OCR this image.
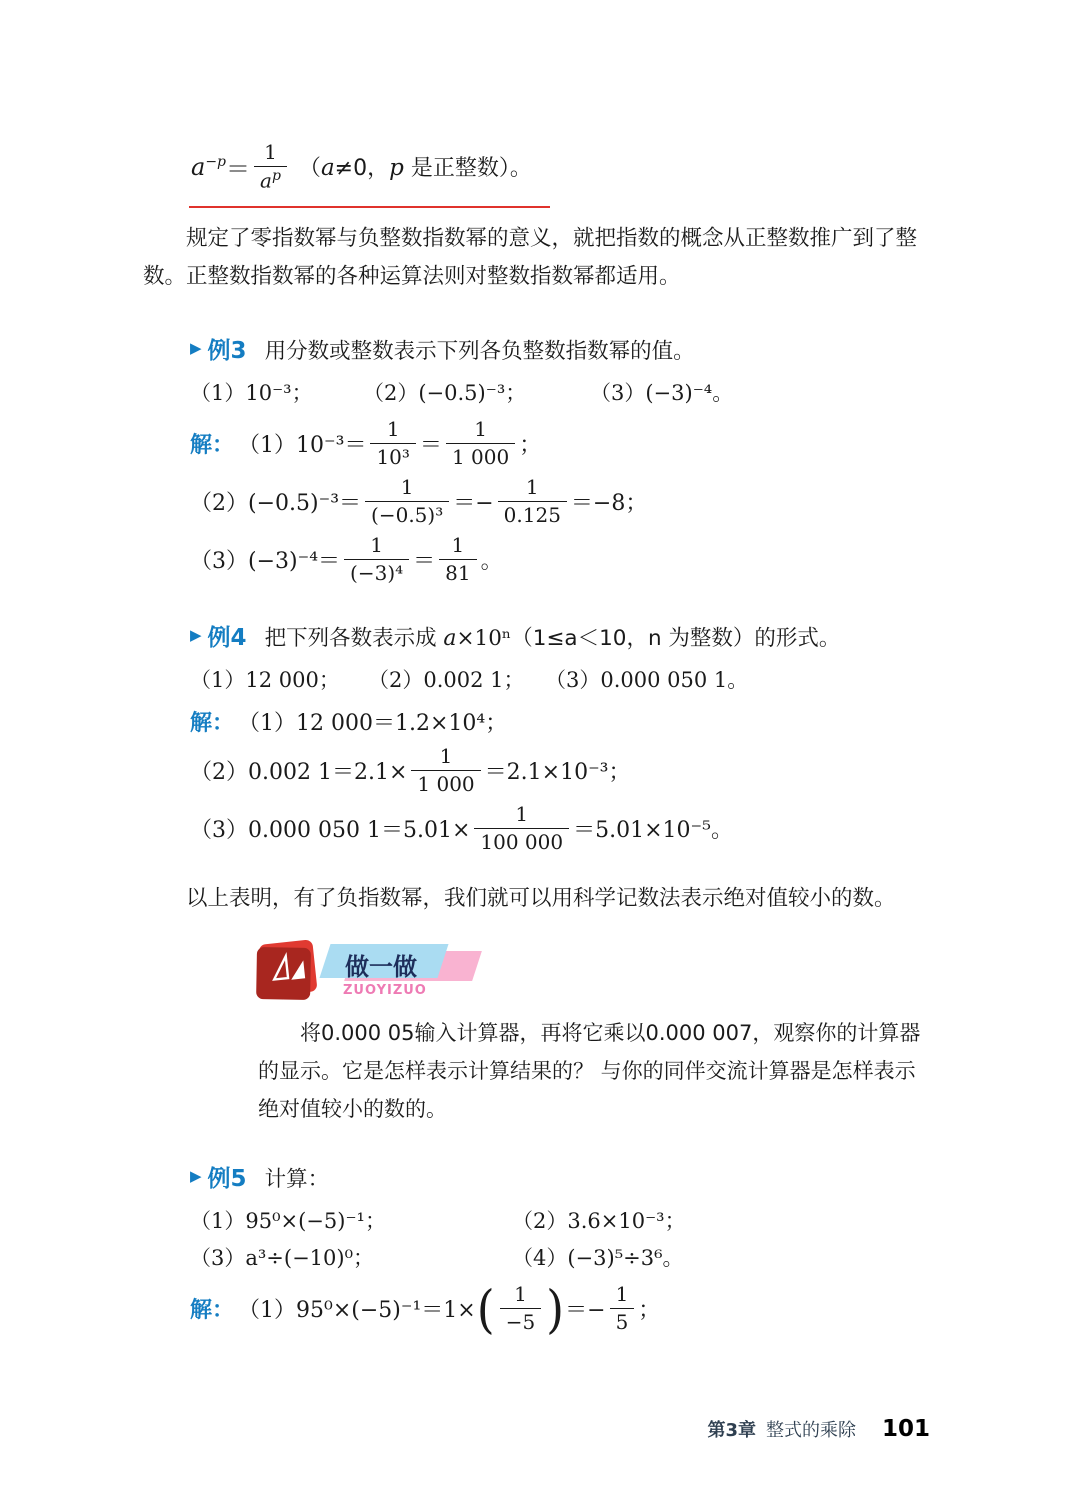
$a^{-p} = \frac{1}{a^p} (a\ne 0$，p 是正整数）。

规定了零指数幂与负整数指数幂的意义，就把指数的概念从正整数推广到了整数。正整数指数幂的各种运算法则对整数指数幂都适用。

▶ 例3 用分数或整数表示下列各负整数指数幂的值。
（1）10⁻³；	（2）(−0.5)⁻³；	（3）(−3)⁻⁴。
解： $(1)10^{-3}= \frac{1}{\text{10³}} = \frac{1}{1 000}$ ；
$(2)(-0.5)^{-3}= \frac{1}{\text{(−0.5)³}} =- \frac{1}{0.125} =-8$；
$(3)(-3)^{-4}= \frac{1}{\text{(−3)⁴}} = \frac{1}{81}$ 。
▶ 例4 把下列各数表示成 a×10ⁿ（1≤a＜10，n 为整数）的形式。
（1）12 000；	（2）0.002 1； （3）0.000 050 1。
解： （1）12 000＝1.2×10⁴；
（2）0.002 $1=2.1\times \frac{1}{1 000} =2.1\times 10^{-3}$；
（3）0.000 050 $1=5.01\times \frac{1}{100 000} =5.01\times 10^{-5}$。

以上表明，有了负指数幂，我们就可以用科学记数法表示绝对值较小的数。

做一做
ZUOYIZUO

将0.000 05输入计算器，再将它乘以0.000 007，观察你的计算器的显示。它是怎样表示计算结果的？ 与你的同伴交流计算器是怎样表示绝对值较小的数的。

▶ 例5 计算：
（1）95⁰×(−5)⁻¹；	（2）3.6×10⁻³；
（3）a³÷(−10)⁰；	（4）(−3)⁵÷3⁶。
解： （1）95⁰×(−5)⁻¹＝1× ( $\frac{1}{-5}$ ) ＝− $\frac{1}{5}$ ；
第3章 整式的乘除 101
